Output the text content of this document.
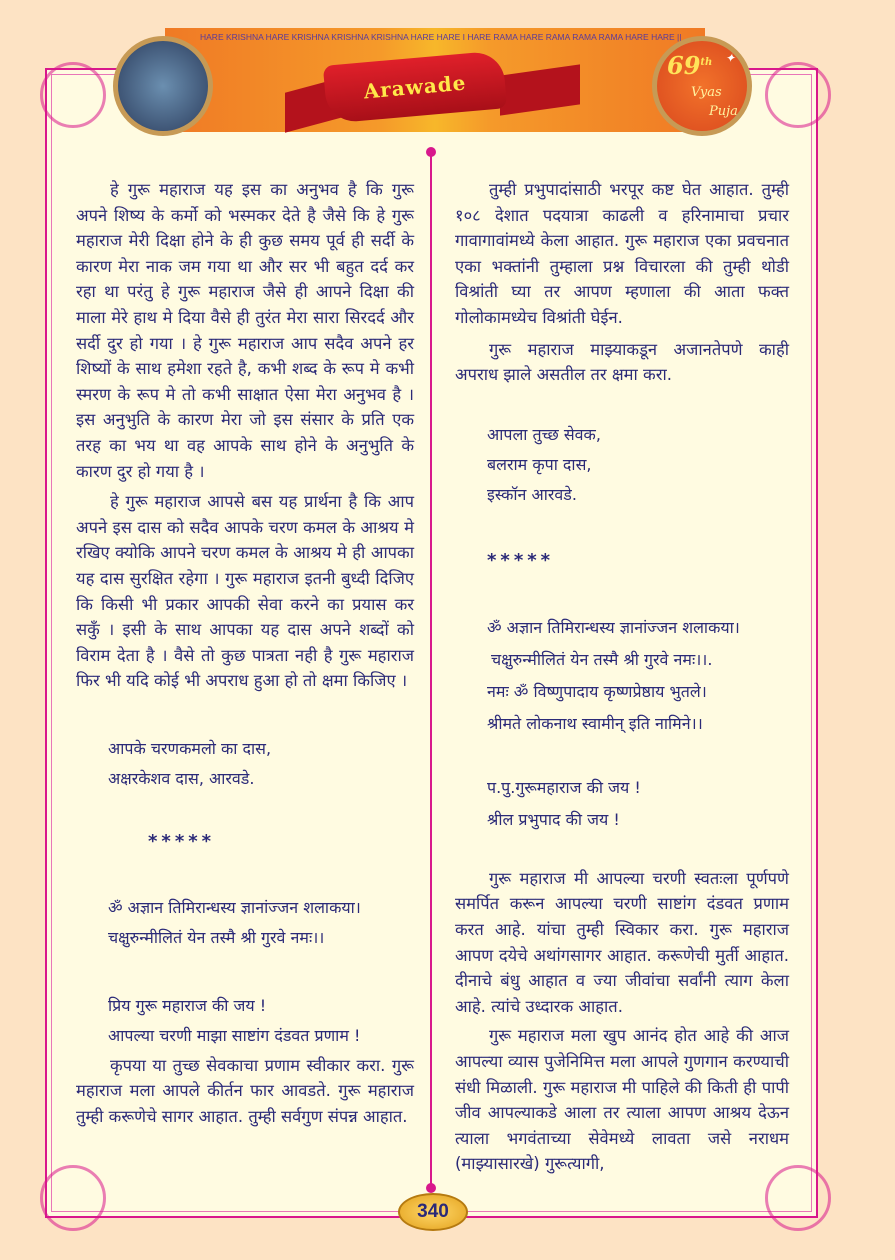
HARE KRISHNA HARE KRISHNA KRISHNA KRISHNA HARE HARE I HARE RAMA HARE RAMA RAMA RAMA HARE HARE ||
Arawade
69th ✦
Vyas
Puja
हे गुरू महाराज यह इस का अनुभव है कि गुरू अपने शिष्य के कर्मो को भस्मकर देते है जैसे कि हे गुरू महाराज मेरी दिक्षा होने के ही कुछ समय पूर्व ही सर्दी के कारण मेरा नाक जम गया था और सर भी बहुत दर्द कर रहा था परंतु हे गुरू महाराज जैसे ही आपने दिक्षा की माला मेरे हाथ मे दिया वैसे ही तुरंत मेरा सारा सिरदर्द और सर्दी दुर हो गया । हे गुरू महाराज आप सदैव अपने हर शिष्यों के साथ हमेशा रहते है, कभी शब्द के रूप मे कभी स्मरण के रूप मे तो कभी साक्षात ऐसा मेरा अनुभव है । इस अनुभुति के कारण मेरा जो इस संसार के प्रति एक तरह का भय था वह आपके साथ होने के अनुभुति के कारण दुर हो गया है ।
हे गुरू महाराज आपसे बस यह प्रार्थना है कि आप अपने इस दास को सदैव आपके चरण कमल के आश्रय मे रखिए क्योकि आपने चरण कमल के आश्रय मे ही आपका यह दास सुरक्षित रहेगा । गुरू महाराज इतनी बुध्दी दिजिए कि किसी भी प्रकार आपकी सेवा करने का प्रयास कर सकुँ । इसी के साथ आपका यह दास अपने शब्दों को विराम देता है । वैसे तो कुछ पात्रता नही है गुरू महाराज फिर भी यदि कोई भी अपराध हुआ हो तो क्षमा किजिए ।
आपके चरणकमलो का दास,
अक्षरकेशव दास, आरवडे.
*****
ॐ अज्ञान तिमिरान्धस्य ज्ञानांज्जन शलाकया।
चक्षुरुन्मीलितं येन तस्मै श्री गुरवे नमः।।
प्रिय गुरू महाराज की जय !
आपल्या चरणी माझा साष्टांग दंडवत प्रणाम !
कृपया या तुच्छ सेवकाचा प्रणाम स्वीकार करा. गुरू महाराज मला आपले कीर्तन फार आवडते. गुरू महाराज तुम्ही करूणेचे सागर आहात. तुम्ही सर्वगुण संपन्न आहात.
तुम्ही प्रभुपादांसाठी भरपूर कष्ट घेत आहात. तुम्ही १०८ देशात पदयात्रा काढली व हरिनामाचा प्रचार गावागावांमध्ये केला आहात. गुरू महाराज एका प्रवचनात एका भक्तांनी तुम्हाला प्रश्न विचारला की तुम्ही थोडी विश्रांती घ्या तर आपण म्हणाला की आता फक्त गोलोकामध्येच विश्रांती घेईन.
गुरू महाराज माझ्याकडून अजानतेपणे काही अपराध झाले असतील तर क्षमा करा.
आपला तुच्छ सेवक,
बलराम कृपा दास,
इस्कॉन आरवडे.
*****
ॐ अज्ञान तिमिरान्धस्य ज्ञानांज्जन शलाकया।
चक्षुरुन्मीलितं येन तस्मै श्री गुरवे नमः।।.
नमः ॐ विष्णुपादाय कृष्णप्रेष्ठाय भुतले।
श्रीमते लोकनाथ स्वामीन् इति नामिने।।
प.पु.गुरूमहाराज की जय !
श्रील प्रभुपाद की जय !
गुरू महाराज मी आपल्या चरणी स्वतःला पूर्णपणे समर्पित करून आपल्या चरणी साष्टांग दंडवत प्रणाम करत आहे. यांचा तुम्ही स्विकार करा. गुरू महाराज आपण दयेचे अथांगसागर आहात. करूणेची मुर्ती आहात. दीनाचे बंधु आहात व ज्या जीवांचा सर्वांनी त्याग केला आहे. त्यांचे उध्दारक आहात.
गुरू महाराज मला खुप आनंद होत आहे की आज आपल्या व्यास पुजेनिमित्त मला आपले गुणगान करण्याची संधी मिळाली. गुरू महाराज मी पाहिले की किती ही पापी जीव आपल्याकडे आला तर त्याला आपण आश्रय देऊन त्याला भगवंताच्या सेवेमध्ये लावता जसे नराधम (माझ्यासारखे) गुरूत्यागी,
340
